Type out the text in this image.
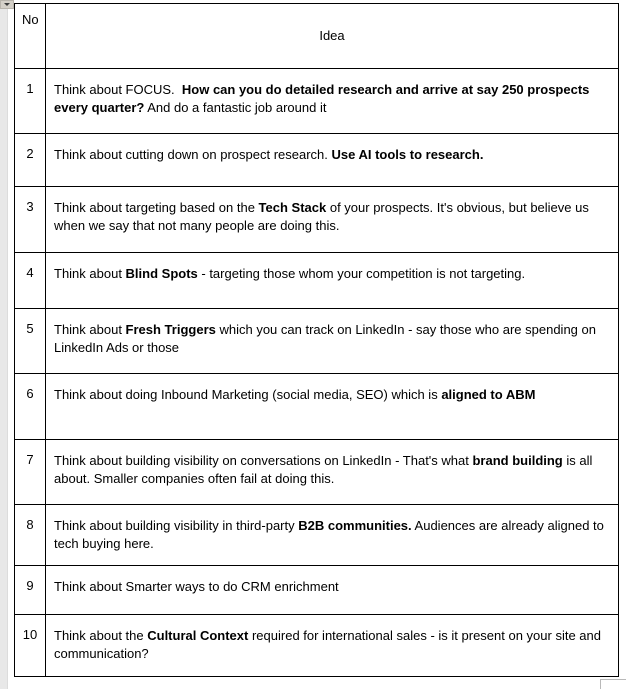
No	Idea

1	Think about FOCUS.  How can you do detailed research and arrive at say 250 prospects every quarter? And do a fantastic job around it

2	Think about cutting down on prospect research. Use AI tools to research.

3	Think about targeting based on the Tech Stack of your prospects. It's obvious, but believe us when we say that not many people are doing this.

4	Think about Blind Spots - targeting those whom your competition is not targeting.

5	Think about Fresh Triggers which you can track on LinkedIn - say those who are spending on LinkedIn Ads or those

6	Think about doing Inbound Marketing (social media, SEO) which is aligned to ABM

7	Think about building visibility on conversations on LinkedIn - That's what brand building is all about. Smaller companies often fail at doing this.

8	Think about building visibility in third-party B2B communities. Audiences are already aligned to tech buying here.

9	Think about Smarter ways to do CRM enrichment

10	Think about the Cultural Context required for international sales - is it present on your site and communication?
